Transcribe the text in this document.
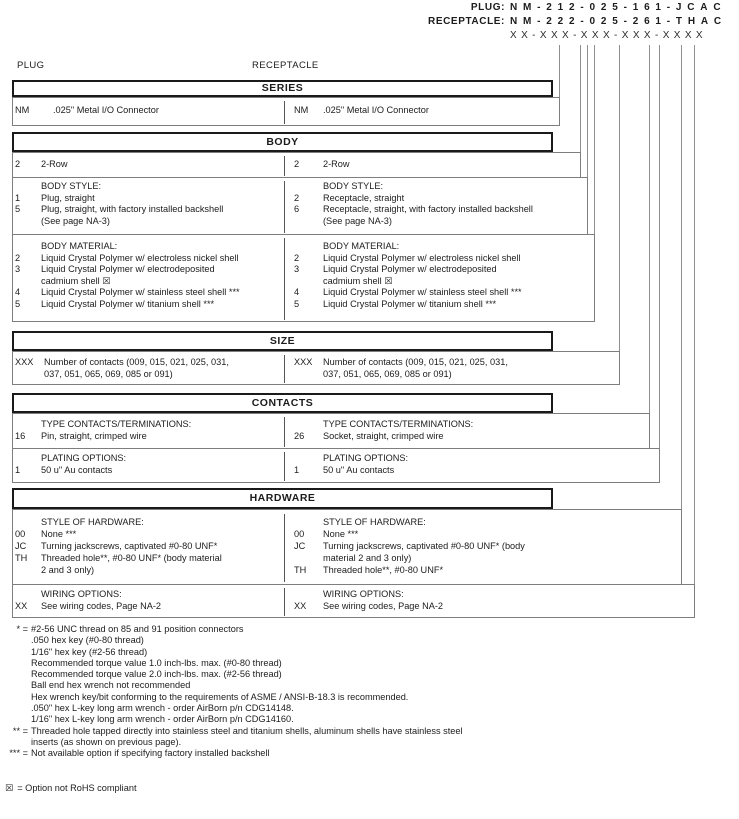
PLUG: NM-212-025-161-JCAC
RECEPTACLE: NM-222-025-261-THAC
XX-XXX-XXX-XXX-XXXX
PLUG	RECEPTACLE
SERIES
NM	.025" Metal I/O Connector	NM	.025" Metal I/O Connector
BODY
2	2-Row	2	2-Row
BODY STYLE:
1	Plug, straight
5	Plug, straight, with factory installed backshell
(See page NA-3)
BODY STYLE:
2	Receptacle, straight
6	Receptacle, straight, with factory installed backshell
(See page NA-3)
BODY MATERIAL:
2	Liquid Crystal Polymer w/ electroless nickel shell
3	Liquid Crystal Polymer w/ electrodeposited
cadmium shell ☒
4	Liquid Crystal Polymer w/ stainless steel shell ***
5	Liquid Crystal Polymer w/ titanium shell ***
BODY MATERIAL:
2	Liquid Crystal Polymer w/ electroless nickel shell
3	Liquid Crystal Polymer w/ electrodeposited
cadmium shell ☒
4	Liquid Crystal Polymer w/ stainless steel shell ***
5	Liquid Crystal Polymer w/ titanium shell ***
SIZE
XXX	Number of contacts (009, 015, 021, 025, 031,
037, 051, 065, 069, 085 or 091)
XXX	Number of contacts (009, 015, 021, 025, 031,
037, 051, 065, 069, 085 or 091)
CONTACTS
TYPE CONTACTS/TERMINATIONS:
16	Pin, straight, crimped wire
TYPE CONTACTS/TERMINATIONS:
26	Socket, straight, crimped wire
PLATING OPTIONS:
1	50 u" Au contacts
PLATING OPTIONS:
1	50 u" Au contacts
HARDWARE
STYLE OF HARDWARE:
00	None ***
JC	Turning jackscrews, captivated #0-80 UNF*
TH	Threaded hole**, #0-80 UNF* (body material
2 and 3 only)
STYLE OF HARDWARE:
00	None ***
JC	Turning jackscrews, captivated #0-80 UNF* (body
material 2 and 3 only)
TH	Threaded hole**, #0-80 UNF*
WIRING OPTIONS:
XX	See wiring codes, Page NA-2
WIRING OPTIONS:
XX	See wiring codes, Page NA-2
* = #2-56 UNC thread on 85 and 91 position connectors
.050 hex key (#0-80 thread)
1/16" hex key (#2-56 thread)
Recommended torque value 1.0 inch-lbs. max. (#0-80 thread)
Recommended torque value 2.0 inch-lbs. max. (#2-56 thread)
Ball end hex wrench not recommended
Hex wrench key/bit conforming to the requirements of ASME / ANSI-B-18.3 is recommended.
.050" hex L-key long arm wrench - order AirBorn p/n CDG14148.
1/16" hex L-key long arm wrench - order AirBorn p/n CDG14160.
** = Threaded hole tapped directly into stainless steel and titanium shells, aluminum shells have stainless steel
inserts (as shown on previous page).
*** = Not available option if specifying factory installed backshell
☒ = Option not RoHS compliant
